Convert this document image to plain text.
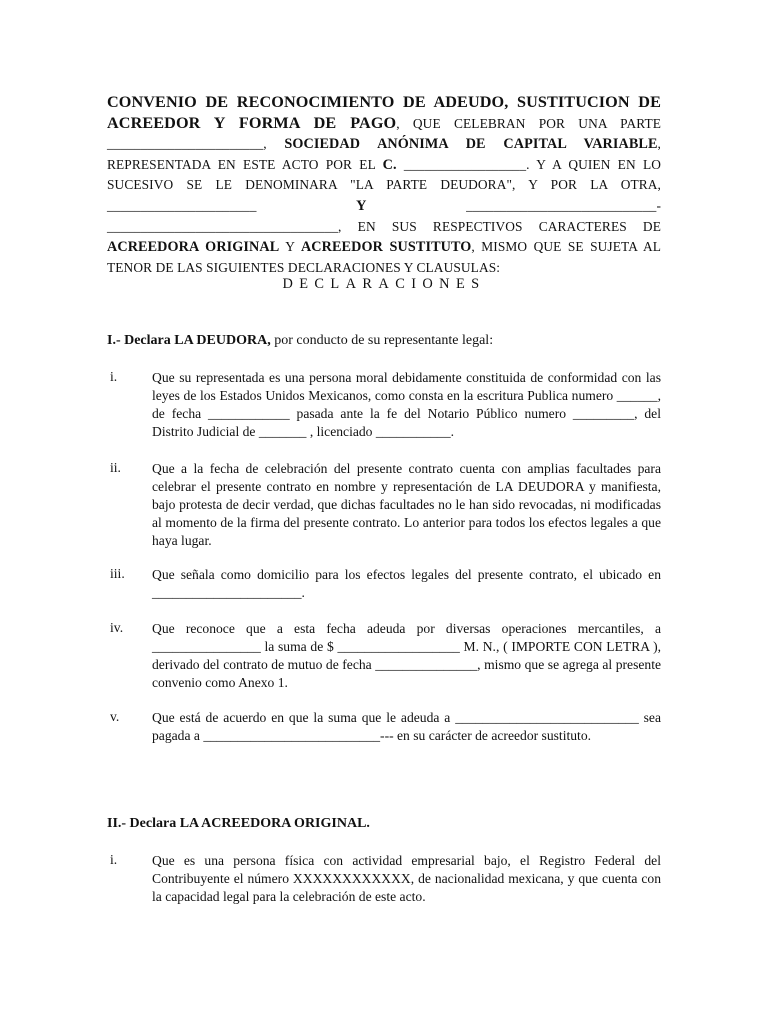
CONVENIO DE RECONOCIMIENTO DE ADEUDO, SUSTITUCION DE ACREEDOR Y FORMA DE PAGO, QUE CELEBRAN POR UNA PARTE _______________________, SOCIEDAD ANÓNIMA DE CAPITAL VARIABLE, REPRESENTADA EN ESTE ACTO POR EL C. __________________. Y A QUIEN EN LO SUCESIVO SE LE DENOMINARA "LA PARTE DEUDORA", Y POR LA OTRA, ______________________	Y	____________________________-__________________________________, EN SUS RESPECTIVOS CARACTERES DE ACREEDORA ORIGINAL Y ACREEDOR SUSTITUTO, MISMO QUE SE SUJETA AL TENOR DE LAS SIGUIENTES DECLARACIONES Y CLAUSULAS:
DECLARACIONES
I.- Declara LA DEUDORA, por conducto de su representante legal:
i.	Que su representada es una persona moral debidamente constituida de conformidad con las leyes de los Estados Unidos Mexicanos, como consta en la escritura Publica numero ______, de fecha ____________ pasada ante la fe del Notario Público numero _________, del Distrito Judicial de _______ , licenciado ___________.
ii.	Que a la fecha de celebración del presente contrato cuenta con amplias facultades para celebrar el presente contrato en nombre y representación de LA DEUDORA y manifiesta, bajo protesta de decir verdad, que dichas facultades no le han sido revocadas, ni modificadas al momento de la firma del presente contrato. Lo anterior para todos los efectos legales a que haya lugar.
iii.	Que señala como domicilio para los efectos legales del presente contrato, el ubicado en ______________________.
iv.	Que reconoce que a esta fecha adeuda por diversas operaciones mercantiles, a ________________ la suma de $ __________________ M. N., ( IMPORTE CON LETRA ), derivado del contrato de mutuo de fecha _______________, mismo que se agrega al presente convenio como Anexo 1.
v.	Que está de acuerdo en que la suma que le adeuda a ___________________________ sea pagada a __________________________--- en su carácter de acreedor sustituto.
II.- Declara LA ACREEDORA ORIGINAL.
i.	Que es una persona física con actividad empresarial bajo, el Registro Federal del Contribuyente el número XXXXXXXXXXXX, de nacionalidad mexicana, y que cuenta con la capacidad legal para la celebración de este acto.
